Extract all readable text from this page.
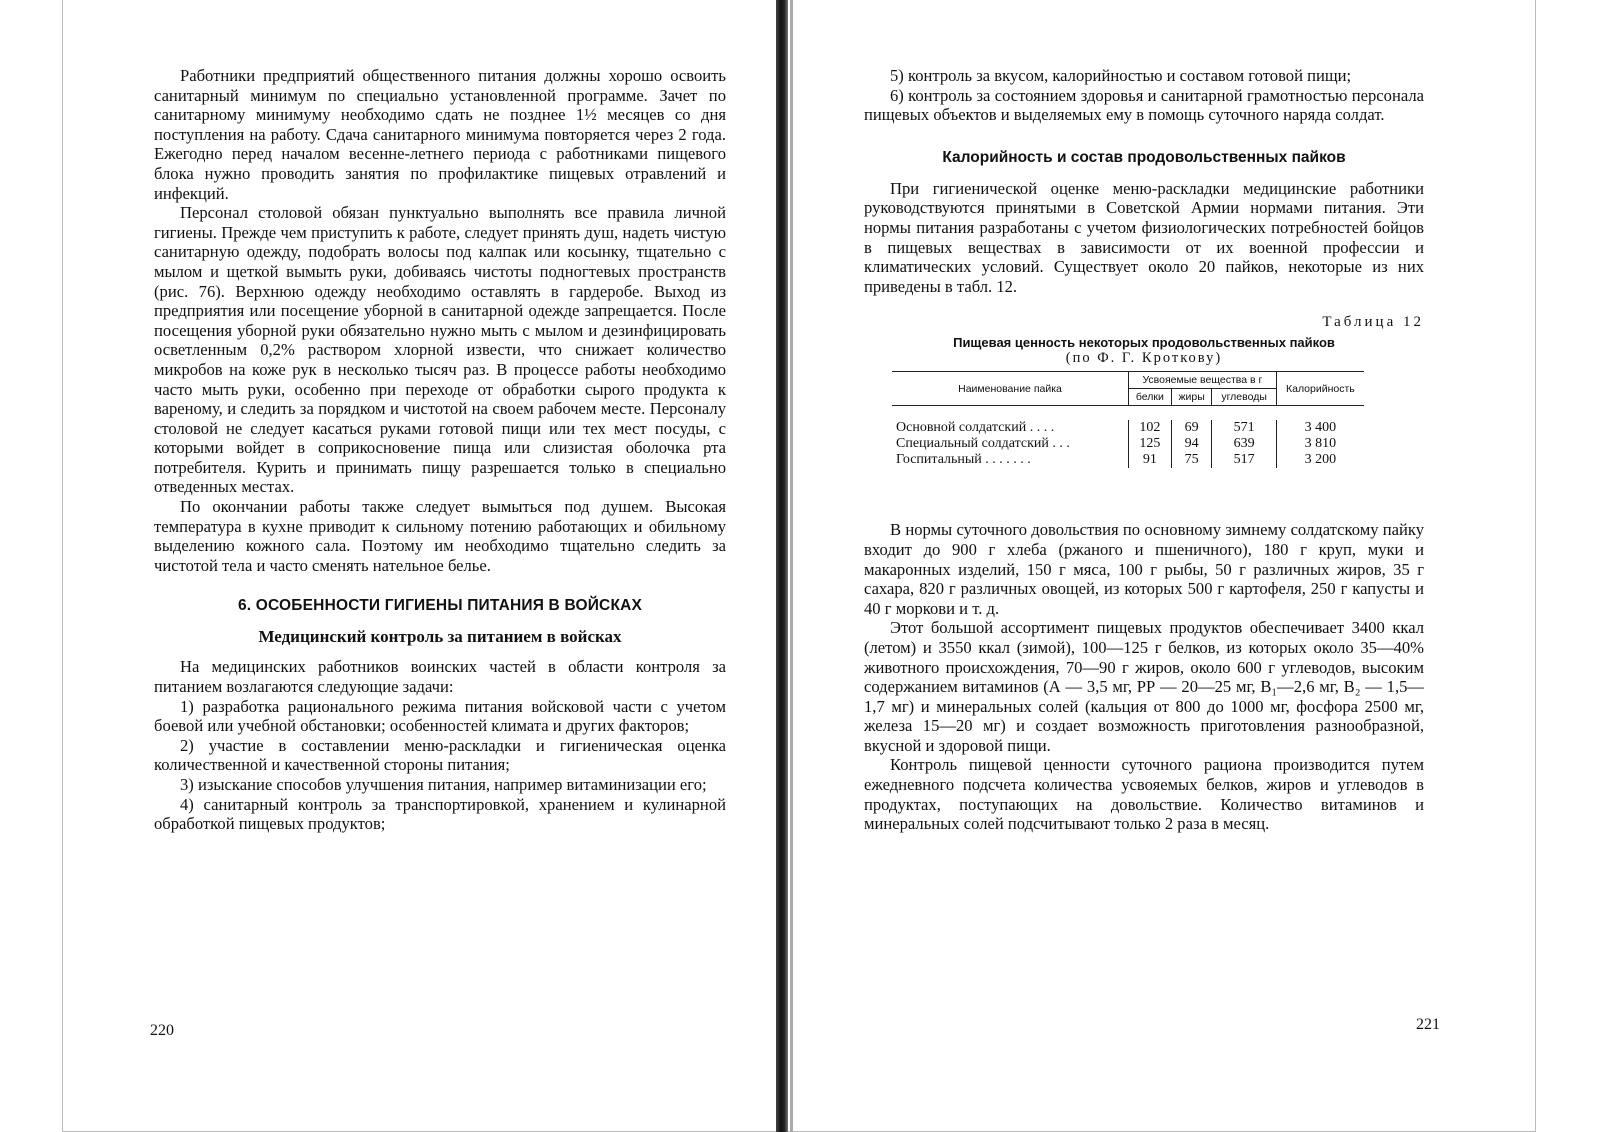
Работники предприятий общественного питания должны хорошо освоить санитарный минимум по специально установленной программе. Зачет по санитарному минимуму необходимо сдать не позднее 1½ месяцев со дня поступления на работу. Сдача санитарного минимума повторяется через 2 года. Ежегодно перед началом весенне-летнего периода с работниками пищевого блока нужно проводить занятия по профилактике пищевых отравлений и инфекций.

Персонал столовой обязан пунктуально выполнять все правила личной гигиены. Прежде чем приступить к работе, следует принять душ, надеть чистую санитарную одежду, подобрать волосы под калпак или косынку, тщательно с мылом и щеткой вымыть руки, добиваясь чистоты подногтевых пространств (рис. 76). Верхнюю одежду необходимо оставлять в гардеробе. Выход из предприятия или посещение уборной в санитарной одежде запрещается. После посещения уборной руки обязательно нужно мыть с мылом и дезинфицировать осветленным 0,2% раствором хлорной извести, что снижает количество микробов на коже рук в несколько тысяч раз. В процессе работы необходимо часто мыть руки, особенно при переходе от обработки сырого продукта к вареному, и следить за порядком и чистотой на своем рабочем месте. Персоналу столовой не следует касаться руками готовой пищи или тех мест посуды, с которыми войдет в соприкосновение пища или слизистая оболочка рта потребителя. Курить и принимать пищу разрешается только в специально отведенных местах.

По окончании работы также следует вымыться под душем. Высокая температура в кухне приводит к сильному потению работающих и обильному выделению кожного сала. Поэтому им необходимо тщательно следить за чистотой тела и часто сменять нательное белье.

6. ОСОБЕННОСТИ ГИГИЕНЫ ПИТАНИЯ В ВОЙСКАХ
Медицинский контроль за питанием в войсках

На медицинских работников воинских частей в области контроля за питанием возлагаются следующие задачи:

1) разработка рационального режима питания войсковой части с учетом боевой или учебной обстановки; особенностей климата и других факторов;

2) участие в составлении меню-раскладки и гигиеническая оценка количественной и качественной стороны питания;

3) изыскание способов улучшения питания, например витаминизации его;

4) санитарный контроль за транспортировкой, хранением и кулинарной обработкой пищевых продуктов;

220

5) контроль за вкусом, калорийностью и составом готовой пищи;

6) контроль за состоянием здоровья и санитарной грамотностью персонала пищевых объектов и выделяемых ему в помощь суточного наряда солдат.

Калорийность и состав продовольственных пайков

При гигиенической оценке меню-раскладки медицинские работники руководствуются принятыми в Советской Армии нормами питания. Эти нормы питания разработаны с учетом физиологических потребностей бойцов в пищевых веществах в зависимости от их военной профессии и климатических условий. Существует около 20 пайков, некоторые из них приведены в табл. 12.

Таблица 12
Пищевая ценность некоторых продовольственных пайков
(по Ф. Г. Кроткову)
Наименование пайка	Усвояемые вещества в г			Калорийность
	белки	жиры	углеводы	

Основной солдатский . . . .	102	69	571	3 400
Специальный солдатский . . .	125	94	639	3 810
Госпитальный . . . . . . .	91	75	517	3 200

В нормы суточного довольствия по основному зимнему солдатскому пайку входит до 900 г хлеба (ржаного и пшеничного), 180 г круп, муки и макаронных изделий, 150 г мяса, 100 г рыбы, 50 г различных жиров, 35 г сахара, 820 г различных овощей, из которых 500 г картофеля, 250 г капусты и 40 г моркови и т. д.

Этот большой ассортимент пищевых продуктов обеспечивает 3400 ккал (летом) и 3550 ккал (зимой), 100—125 г белков, из которых около 35—40% животного происхождения, 70—90 г жиров, около 600 г углеводов, высоким содержанием витаминов (А — 3,5 мг, РР — 20—25 мг, B₁—2,6 мг, B₂ — 1,5—1,7 мг) и минеральных солей (кальция от 800 до 1000 мг, фосфора 2500 мг, железа 15—20 мг) и создает возможность приготовления разнообразной, вкусной и здоровой пищи.

Контроль пищевой ценности суточного рациона производится путем ежедневного подсчета количества усвояемых белков, жиров и углеводов в продуктах, поступающих на довольствие. Количество витаминов и минеральных солей подсчитывают только 2 раза в месяц.

221
